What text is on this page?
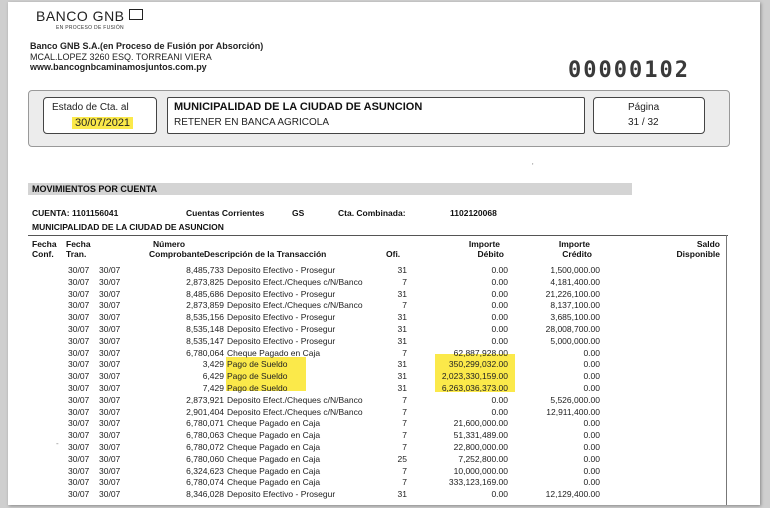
BANCO GNB
EN PROCESO DE FUSIÓN
Banco GNB S.A.(en Proceso de Fusión por Absorción)
MCAL.LOPEZ 3260 ESQ. TORREANI VIERA
www.bancognbcaminamosjuntos.com.py	00000102
Estado de Cta. al
30/07/2021
MUNICIPALIDAD DE LA CIUDAD DE ASUNCION
RETENER EN BANCA AGRICOLA
Página
31 / 32
MOVIMIENTOS POR CUENTA
CUENTA: 1101156041	Cuentas Corrientes	GS	Cta. Combinada:	1102120068
MUNICIPALIDAD DE LA CIUDAD DE ASUNCION
Fecha
Conf.
Fecha
Tran.
Número
Comprobante Descripción de la Transacción	Ofi.
Importe
Débito
Importe
Crédito
Saldo
Disponible
30/07 30/07	8,485,733 Deposito Efectivo - Prosegur	31	0.00	1,500,000.00
30/07 30/07	2,873,825 Deposito Efect./Cheques c/N/Banco	7	0.00	4,181,400.00
30/07 30/07	8,485,686 Deposito Efectivo - Prosegur	31	0.00	21,226,100.00
30/07 30/07	2,873,859 Deposito Efect./Cheques c/N/Banco	7	0.00	8,137,100.00
30/07 30/07	8,535,156 Deposito Efectivo - Prosegur	31	0.00	3,685,100.00
30/07 30/07	8,535,148 Deposito Efectivo - Prosegur	31	0.00	28,008,700.00
30/07 30/07	8,535,147 Deposito Efectivo - Prosegur	31	0.00	5,000,000.00
30/07 30/07	6,780,064 Cheque Pagado en Caja	7	62,887,928.00	0.00
30/07 30/07	3,429 Pago de Sueldo	31	350,299,032.00	0.00
30/07 30/07	6,429 Pago de Sueldo	31	2,023,330,159.00	0.00
30/07 30/07	7,429 Pago de Sueldo	31	6,263,036,373.00	0.00
30/07 30/07	2,873,921 Deposito Efect./Cheques c/N/Banco	7	0.00	5,526,000.00
30/07 30/07	2,901,404 Deposito Efect./Cheques c/N/Banco	7	0.00	12,911,400.00
30/07 30/07	6,780,071 Cheque Pagado en Caja	7	21,600,000.00	0.00
30/07 30/07	6,780,063 Cheque Pagado en Caja	7	51,331,489.00	0.00
30/07 30/07	6,780,072 Cheque Pagado en Caja	7	22,800,000.00	0.00
30/07 30/07	6,780,060 Cheque Pagado en Caja	25	7,252,800.00	0.00
30/07 30/07	6,324,623 Cheque Pagado en Caja	7	10,000,000.00	0.00
30/07 30/07	6,780,074 Cheque Pagado en Caja	7	333,123,169.00	0.00
30/07 30/07	8,346,028 Deposito Efectivo - Prosegur	31	0.00	12,129,400.00
'
-
